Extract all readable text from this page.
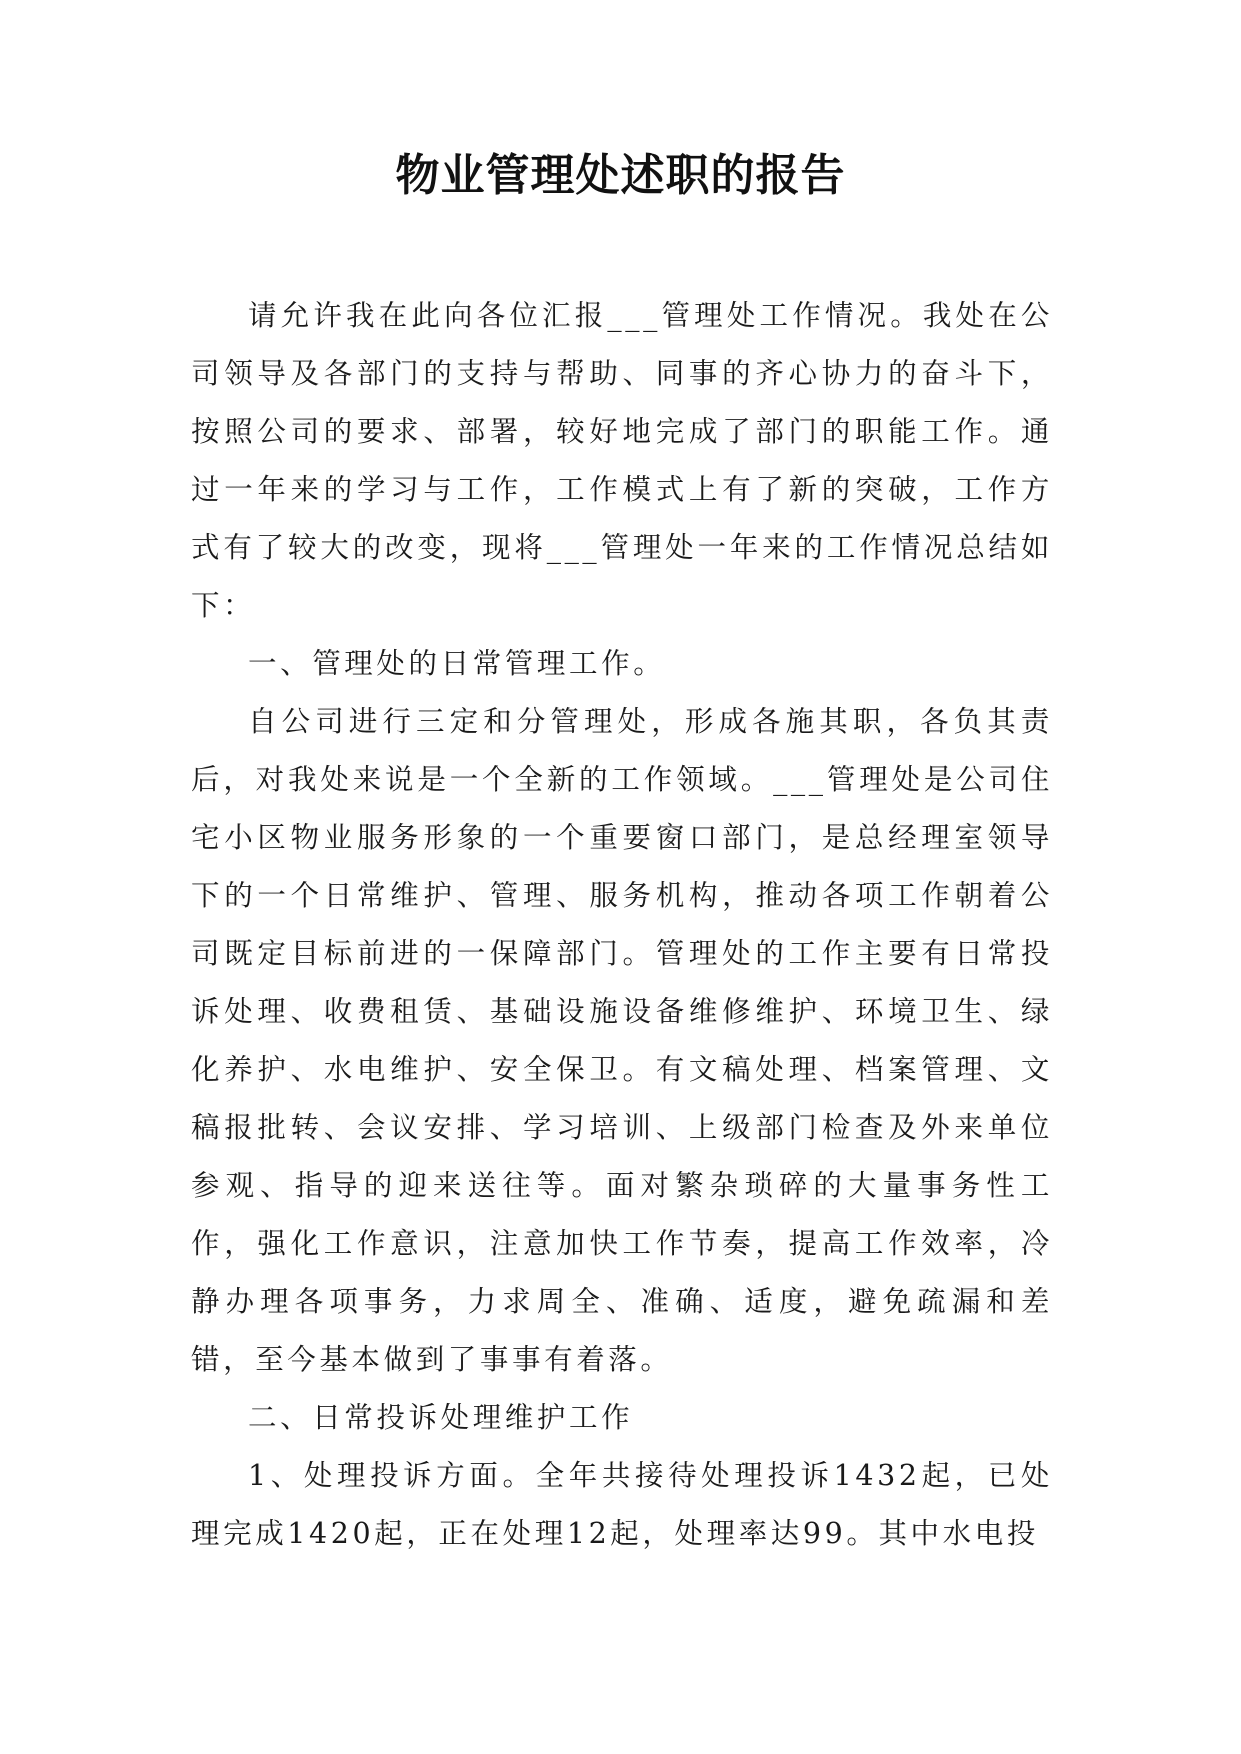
物业管理处述职的报告

请允许我在此向各位汇报___管理处工作情况。我处在公司领导及各部门的支持与帮助、同事的齐心协力的奋斗下，按照公司的要求、部署，较好地完成了部门的职能工作。通过一年来的学习与工作，工作模式上有了新的突破，工作方式有了较大的改变，现将___管理处一年来的工作情况总结如下：

一、管理处的日常管理工作。

自公司进行三定和分管理处，形成各施其职，各负其责后，对我处来说是一个全新的工作领域。___管理处是公司住宅小区物业服务形象的一个重要窗口部门，是总经理室领导下的一个日常维护、管理、服务机构，推动各项工作朝着公司既定目标前进的一保障部门。管理处的工作主要有日常投诉处理、收费租赁、基础设施设备维修维护、环境卫生、绿化养护、水电维护、安全保卫。有文稿处理、档案管理、文稿报批转、会议安排、学习培训、上级部门检查及外来单位参观、指导的迎来送往等。面对繁杂琐碎的大量事务性工作，强化工作意识，注意加快工作节奏，提高工作效率，冷静办理各项事务，力求周全、准确、适度，避免疏漏和差错，至今基本做到了事事有着落。

二、日常投诉处理维护工作

1、处理投诉方面。全年共接待处理投诉1432起，已处理完成1420起，正在处理12起，处理率达99。其中水电投
